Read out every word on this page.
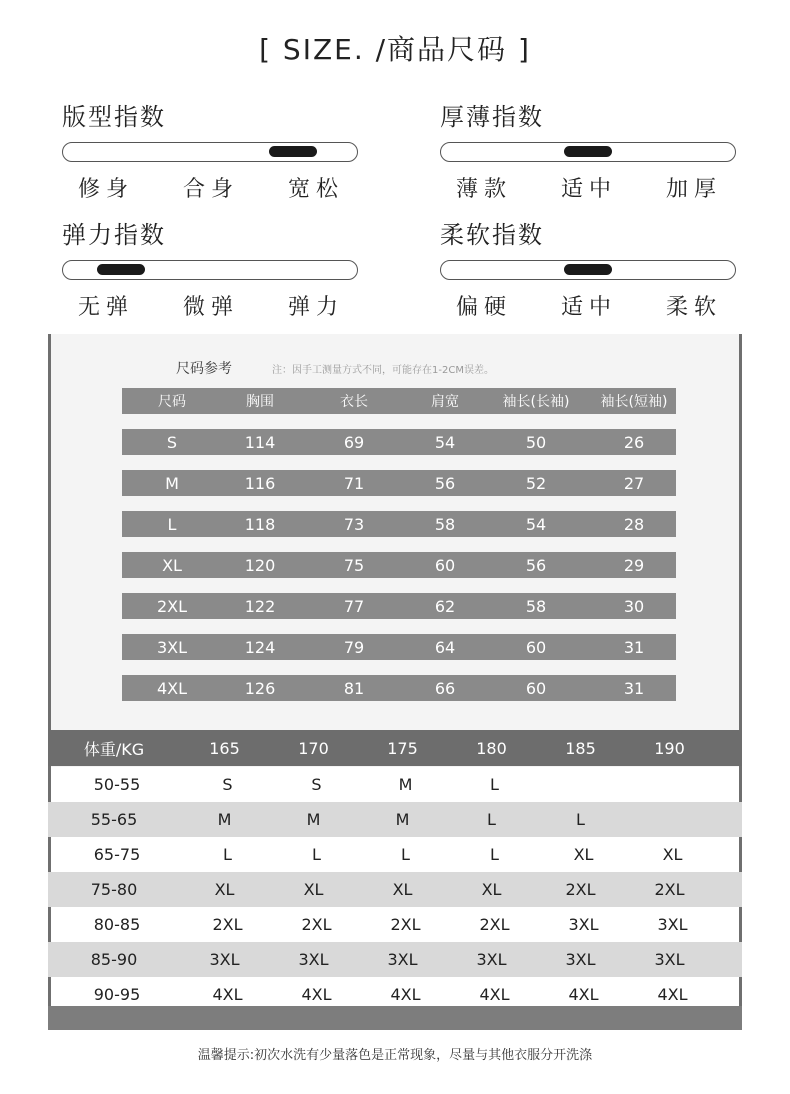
[ SIZE. /商品尺码 ]
版型指数
修身 合身 宽松
厚薄指数
薄款 适中 加厚
弹力指数
无弹 微弹 弹力
柔软指数
偏硬 适中 柔软
尺码参考	注：因手工测量方式不同，可能存在1-2CM误差。
尺码	胸围	衣长	肩宽	袖长(长袖)	袖长(短袖)
S	114	69	54	50	26
M	116	71	56	52	27
L	118	73	58	54	28
XL	120	75	60	56	29
2XL	122	77	62	58	30
3XL	124	79	64	60	31
4XL	126	81	66	60	31
体重/KG	165	170	175	180	185	190
50-55	S	S	M	L
55-65	M	M	M	L	L
65-75	L	L	L	L	XL	XL
75-80	XL	XL	XL	XL	2XL	2XL
80-85	2XL	2XL	2XL	2XL	3XL	3XL
85-90	3XL	3XL	3XL	3XL	3XL	3XL
90-95	4XL	4XL	4XL	4XL	4XL	4XL
温馨提示:初次水洗有少量落色是正常现象，尽量与其他衣服分开洗涤
